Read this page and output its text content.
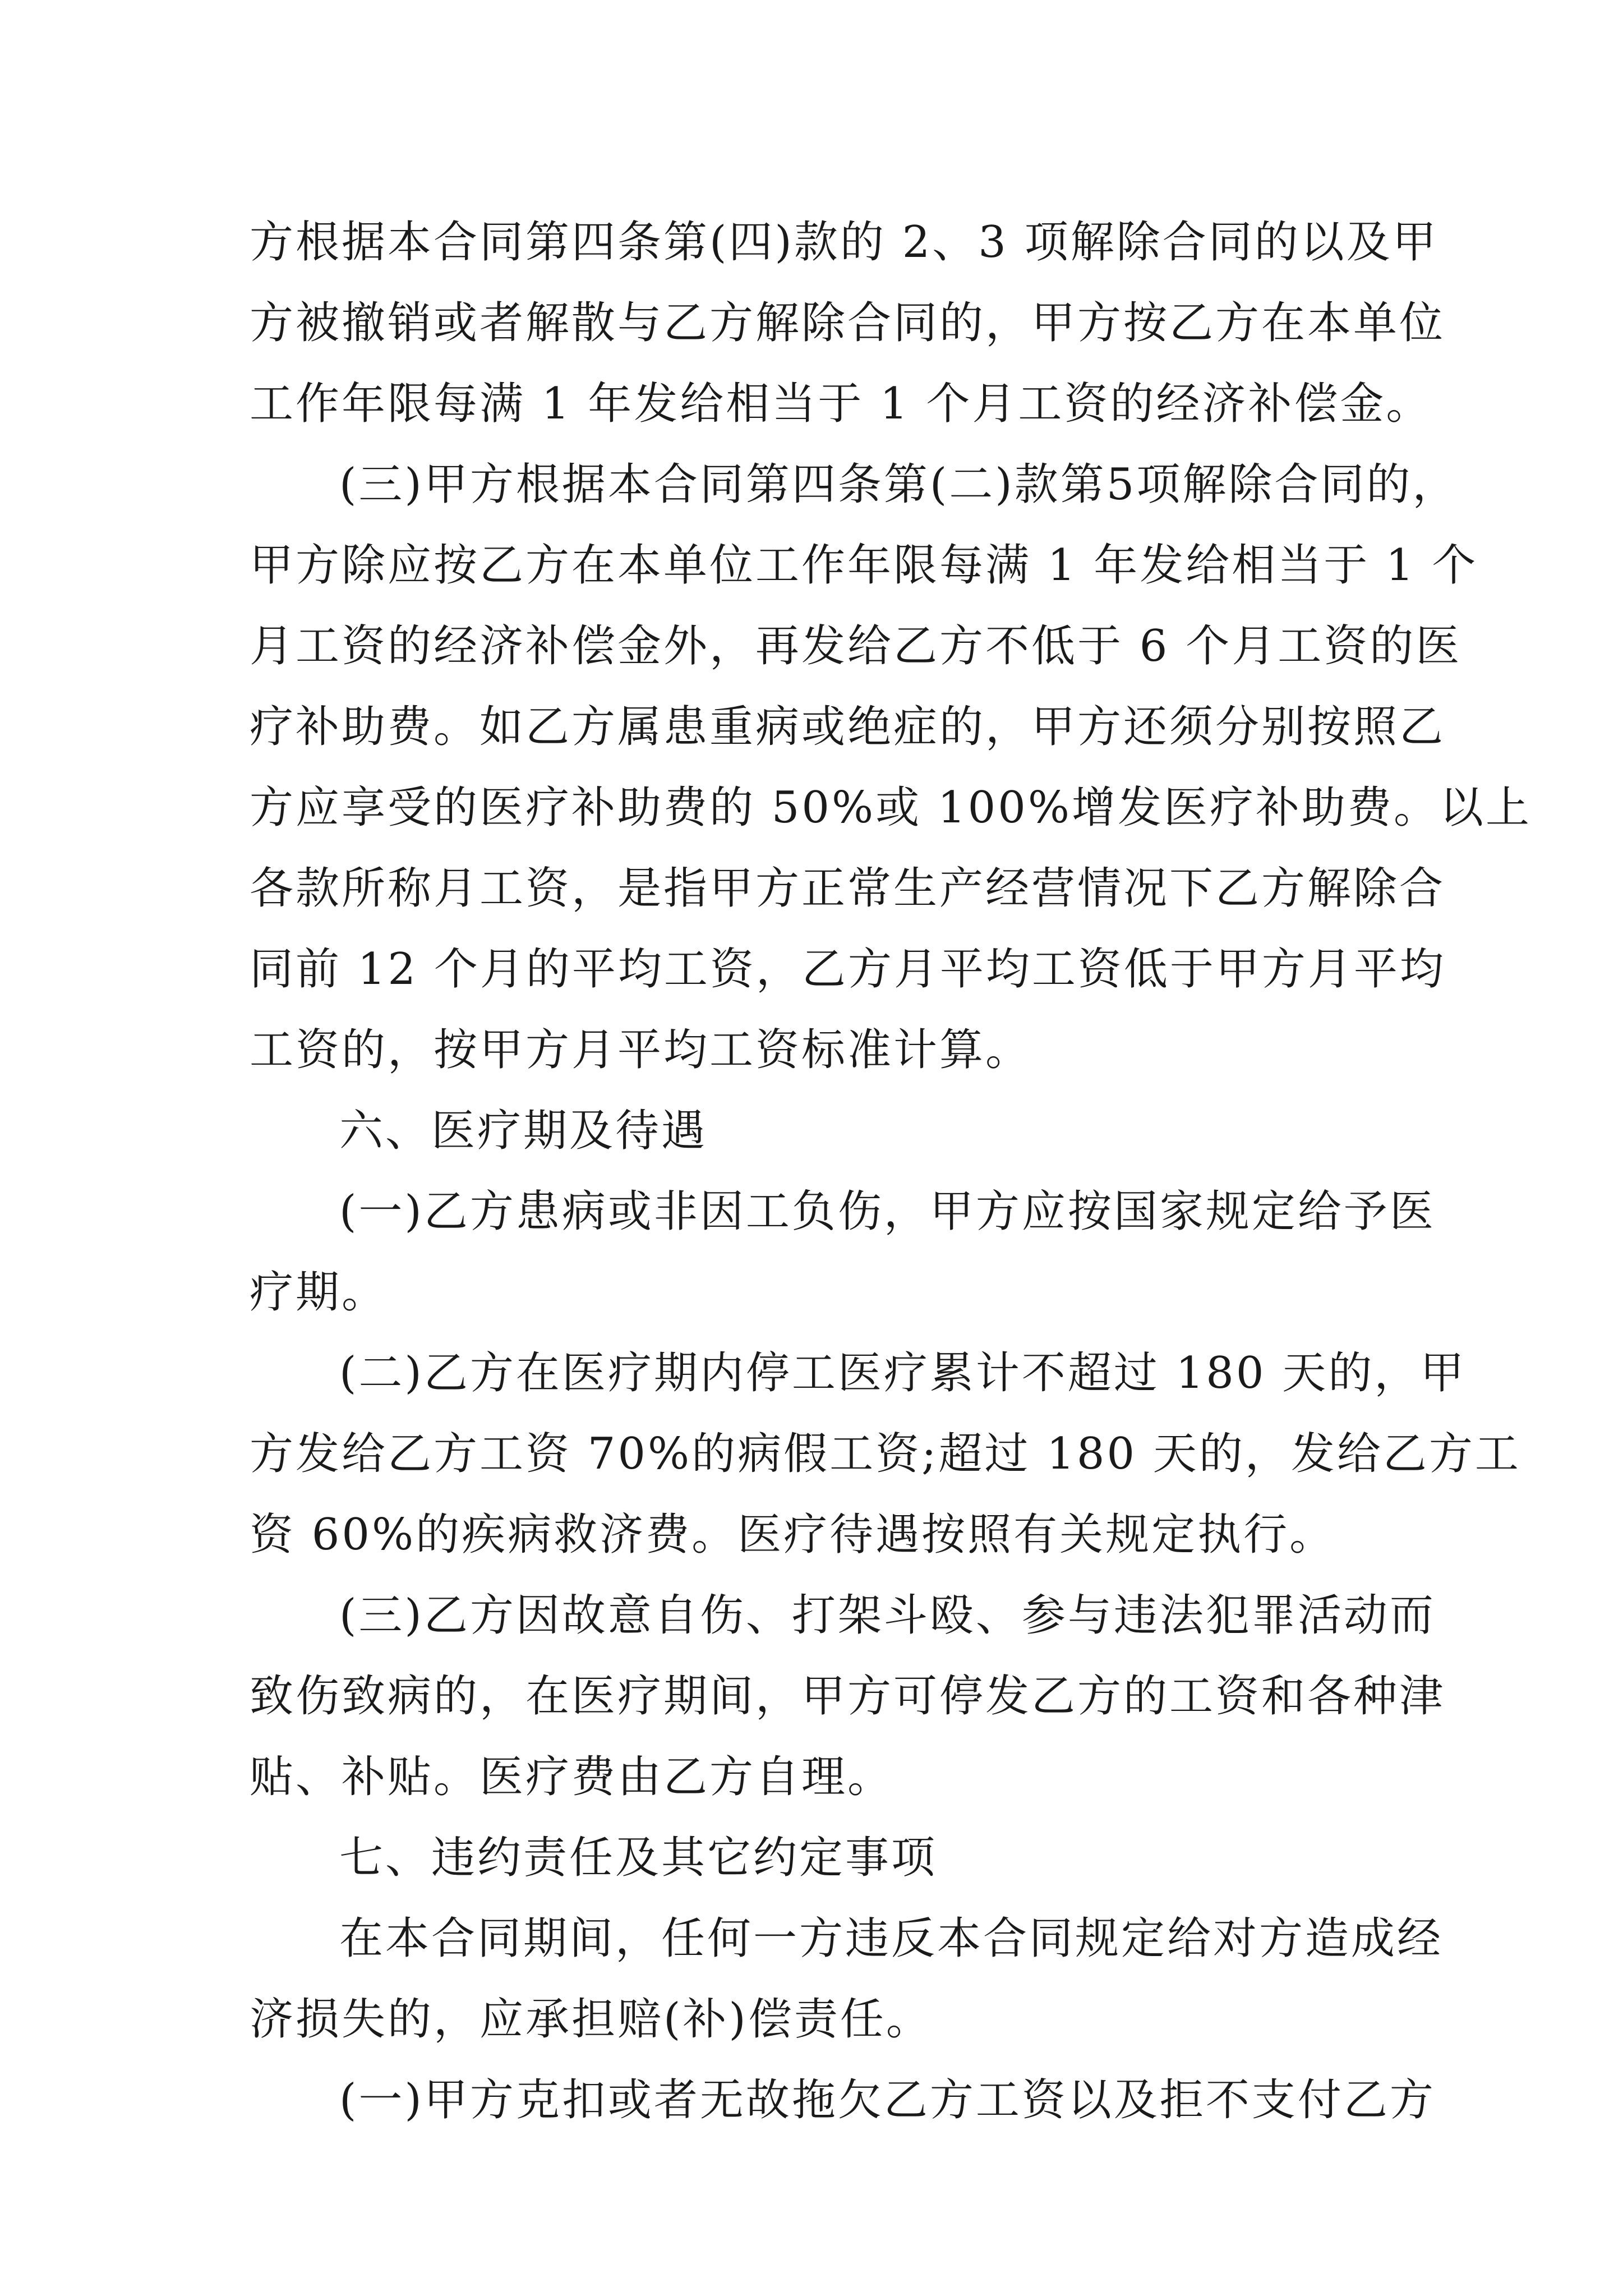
方根据本合同第四条第(四)款的 2、3 项解除合同的以及甲
方被撤销或者解散与乙方解除合同的，甲方按乙方在本单位
工作年限每满 1 年发给相当于 1 个月工资的经济补偿金。
(三)甲方根据本合同第四条第(二)款第5项解除合同的，
甲方除应按乙方在本单位工作年限每满 1 年发给相当于 1 个
月工资的经济补偿金外，再发给乙方不低于 6 个月工资的医
疗补助费。如乙方属患重病或绝症的，甲方还须分别按照乙
方应享受的医疗补助费的 50%或 100%增发医疗补助费。以上
各款所称月工资，是指甲方正常生产经营情况下乙方解除合
同前 12 个月的平均工资，乙方月平均工资低于甲方月平均
工资的，按甲方月平均工资标准计算。
六、医疗期及待遇
(一)乙方患病或非因工负伤，甲方应按国家规定给予医
疗期。
(二)乙方在医疗期内停工医疗累计不超过 180 天的，甲
方发给乙方工资 70%的病假工资;超过 180 天的，发给乙方工
资 60%的疾病救济费。医疗待遇按照有关规定执行。
(三)乙方因故意自伤、打架斗殴、参与违法犯罪活动而
致伤致病的，在医疗期间，甲方可停发乙方的工资和各种津
贴、补贴。医疗费由乙方自理。
七、违约责任及其它约定事项
在本合同期间，任何一方违反本合同规定给对方造成经
济损失的，应承担赔(补)偿责任。
(一)甲方克扣或者无故拖欠乙方工资以及拒不支付乙方
